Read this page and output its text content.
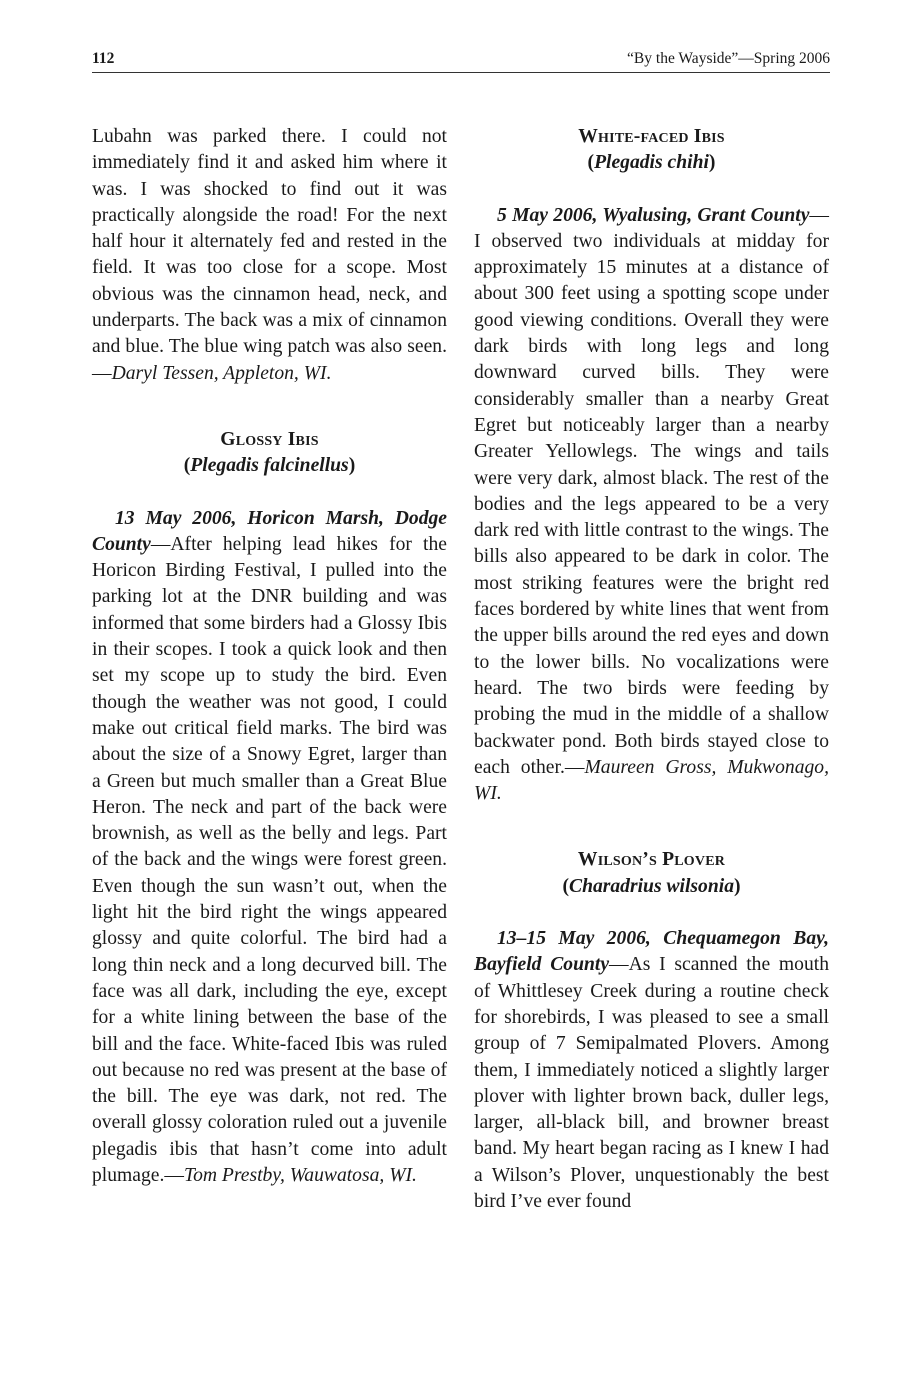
112	“By the Wayside”—Spring 2006

Lubahn was parked there. I could not immediately find it and asked him where it was. I was shocked to find out it was practically alongside the road! For the next half hour it alternately fed and rested in the field. It was too close for a scope. Most obvious was the cinnamon head, neck, and underparts. The back was a mix of cinnamon and blue. The blue wing patch was also seen.—Daryl Tessen, Appleton, WI.

Glossy Ibis

(Plegadis falcinellus)

13 May 2006, Horicon Marsh, Dodge County—After helping lead hikes for the Horicon Birding Festival, I pulled into the parking lot at the DNR building and was informed that some birders had a Glossy Ibis in their scopes. I took a quick look and then set my scope up to study the bird. Even though the weather was not good, I could make out critical field marks. The bird was about the size of a Snowy Egret, larger than a Green but much smaller than a Great Blue Heron. The neck and part of the back were brownish, as well as the belly and legs. Part of the back and the wings were forest green. Even though the sun wasn’t out, when the light hit the bird right the wings appeared glossy and quite colorful. The bird had a long thin neck and a long decurved bill. The face was all dark, including the eye, except for a white lining between the base of the bill and the face. White-faced Ibis was ruled out because no red was present at the base of the bill. The eye was dark, not red. The overall glossy coloration ruled out a juvenile plegadis ibis that hasn’t come into adult plumage.—Tom Prestby, Wauwatosa, WI.

White-faced Ibis

(Plegadis chihi)

5 May 2006, Wyalusing, Grant County—I observed two individuals at midday for approximately 15 minutes at a distance of about 300 feet using a spotting scope under good viewing conditions. Overall they were dark birds with long legs and long downward curved bills. They were considerably smaller than a nearby Great Egret but noticeably larger than a nearby Greater Yellowlegs. The wings and tails were very dark, almost black. The rest of the bodies and the legs appeared to be a very dark red with little contrast to the wings. The bills also appeared to be dark in color. The most striking features were the bright red faces bordered by white lines that went from the upper bills around the red eyes and down to the lower bills. No vocalizations were heard. The two birds were feeding by probing the mud in the middle of a shallow backwater pond. Both birds stayed close to each other.—Maureen Gross, Mukwonago, WI.

Wilson’s Plover

(Charadrius wilsonia)

13–15 May 2006, Chequamegon Bay, Bayfield County—As I scanned the mouth of Whittlesey Creek during a routine check for shorebirds, I was pleased to see a small group of 7 Semipalmated Plovers. Among them, I immediately noticed a slightly larger plover with lighter brown back, duller legs, larger, all-black bill, and browner breast band. My heart began racing as I knew I had a Wilson’s Plover, unquestionably the best bird I’ve ever found
